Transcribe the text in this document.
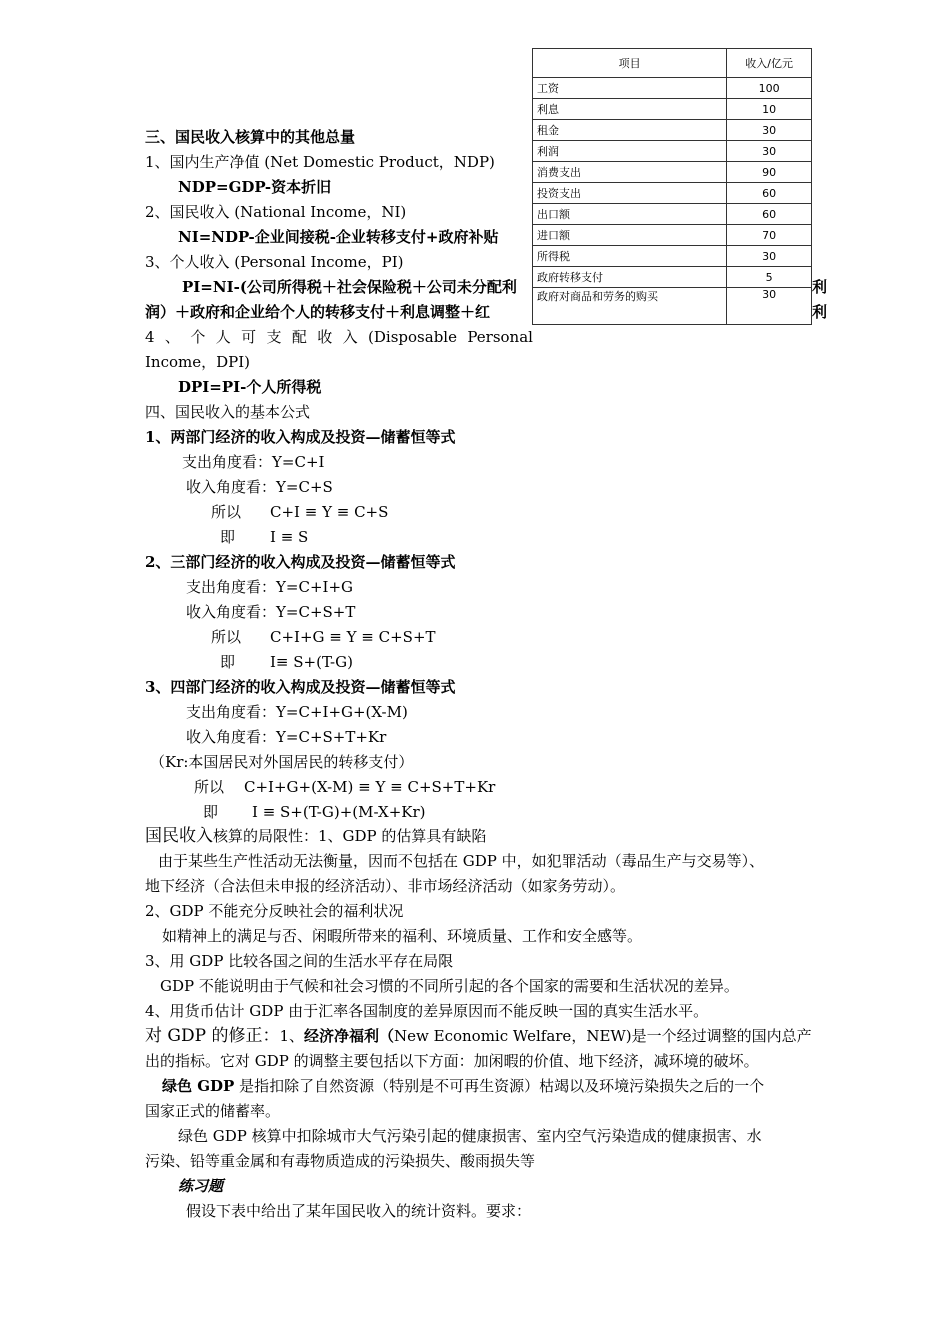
三、国民收入核算中的其他总量
1、国内生产净值 (Net Domestic Product，NDP)
NDP=GDP-资本折旧
2、国民收入 (National Income，NI)
NI=NDP-企业间接税-企业转移支付+政府补贴
3、个人收入 (Personal Income，PI)
PI=NI-(公司所得税＋社会保险税＋公司未分配利	利
润）＋政府和企业给个人的转移支付＋利息调整＋红	利
4 、 个 人 可 支 配 收 入 (Disposable Personal
Income，DPI)
DPI=PI-个人所得税
项目	收入/亿元
工资	100
利息	10
租金	30
利润	30
消费支出	90
投资支出	60
出口额	60
进口额	70
所得税	30
政府转移支付	5
政府对商品和劳务的购买	30
四、国民收入的基本公式
1、两部门经济的收入构成及投资—储蓄恒等式
支出角度看：Y=C+I
收入角度看：Y=C+S
所以 C+I ≡ Y ≡ C+S
即 I ≡ S
2、三部门经济的收入构成及投资—储蓄恒等式
支出角度看：Y=C+I+G
收入角度看：Y=C+S+T
所以 C+I+G ≡ Y ≡ C+S+T
即 I≡ S+(T-G)
3、四部门经济的收入构成及投资—储蓄恒等式
支出角度看：Y=C+I+G+(X-M)
收入角度看：Y=C+S+T+Kr
（Kr:本国居民对外国居民的转移支付）
所以 C+I+G+(X-M) ≡ Y ≡ C+S+T+Kr
即 I ≡ S+(T-G)+(M-X+Kr)
国民收入核算的局限性：1、GDP 的估算具有缺陷
由于某些生产性活动无法衡量，因而不包括在 GDP 中，如犯罪活动（毒品生产与交易等）、
地下经济（合法但未申报的经济活动）、非市场经济活动（如家务劳动）。
2、GDP 不能充分反映社会的福利状况
如精神上的满足与否、闲暇所带来的福利、环境质量、工作和安全感等。
3、用 GDP 比较各国之间的生活水平存在局限
GDP 不能说明由于气候和社会习惯的不同所引起的各个国家的需要和生活状况的差异。
4、用货币估计 GDP 由于汇率各国制度的差异原因而不能反映一国的真实生活水平。
对 GDP 的修正：1、经济净福利（New Economic Welfare，NEW)是一个经过调整的国内总产
出的指标。它对 GDP 的调整主要包括以下方面：加闲暇的价值、地下经济，减环境的破坏。
绿色 GDP 是指扣除了自然资源（特别是不可再生资源）枯竭以及环境污染损失之后的一个
国家正式的储蓄率。
绿色 GDP 核算中扣除城市大气污染引起的健康损害、室内空气污染造成的健康损害、水
污染、铅等重金属和有毒物质造成的污染损失、酸雨损失等
练习题
假设下表中给出了某年国民收入的统计资料。要求：
